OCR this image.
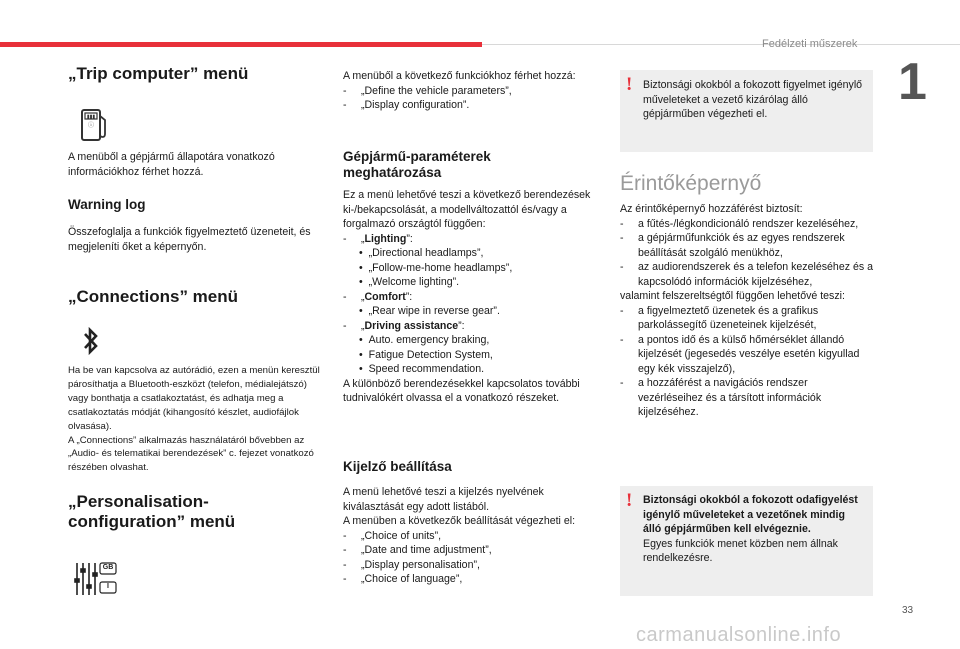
Fedélzeti műszerek
1
33
carmanualsonline.info
„Trip computer” menü
▮▮▮
ⓘ

A menüből a gépjármű állapotára vonatkozó információkhoz férhet hozzá.

Warning log

Összefoglalja a funkciók figyelmeztető üzeneteit, és megjeleníti őket a képernyőn.

„Connections” menü
Ha be van kapcsolva az autórádió, ezen a menün keresztül párosíthatja a Bluetooth-eszközt (telefon, médialejátszó) vagy bonthatja a csatlakoztatást, és adhatja meg a csatlakoztatás módját (kihangosító készlet, audiofájlok olvasása).
A „Connections” alkalmazás használatáról bővebben az „Audio- és telematikai berendezések” c. fejezet vonatkozó részében olvashat.
„Personalisation-
configuration” menü
GB
I
A menüből a következő funkciókhoz férhet hozzá:
- „Define the vehicle parameters”,
- „Display configuration”.
Gépjármű-paraméterek
meghatározása
Ez a menü lehetővé teszi a következő berendezések ki-/bekapcsolását, a modellváltozattól és/vagy a forgalmazó országtól függően:
- „Lighting”:
•  „Directional headlamps”,
•  „Follow-me-home headlamps”,
•  „Welcome lighting”.
- „Comfort”:
•  „Rear wipe in reverse gear”.
- „Driving assistance”:
•  Auto. emergency braking,
•  Fatigue Detection System,
•  Speed recommendation.
A különböző berendezésekkel kapcsolatos további tudnivalókért olvassa el a vonatkozó részeket.
Kijelző beállítása
A menü lehetővé teszi a kijelzés nyelvének kiválasztását egy adott listából.
A menüben a következők beállítását végezheti el:
- „Choice of units”,
- „Date and time adjustment”,
- „Display personalisation”,
- „Choice of language”,
! Biztonsági okokból a fokozott figyelmet igénylő műveleteket a vezető kizárólag álló gépjárműben végezheti el.
Érintőképernyő
Az érintőképernyő hozzáférést biztosít:
- a fűtés-/légkondicionáló rendszer kezeléséhez,
- a gépjárműfunkciók és az egyes rendszerek beállítását szolgáló menükhöz,
- az audiorendszerek és a telefon kezeléséhez és a kapcsolódó információk kijelzéséhez,
valamint felszereltségtől függően lehetővé teszi:
- a figyelmeztető üzenetek és a grafikus parkolássegítő üzeneteinek kijelzését,
- a pontos idő és a külső hőmérséklet állandó kijelzését (jegesedés veszélye esetén kigyullad egy kék visszajelző),
- a hozzáférést a navigációs rendszer vezérléseihez és a társított információk kijelzéséhez.
! Biztonsági okokból a fokozott odafigyelést igénylő műveleteket a vezetőnek mindig álló gépjárműben kell elvégeznie.
Egyes funkciók menet közben nem állnak rendelkezésre.
